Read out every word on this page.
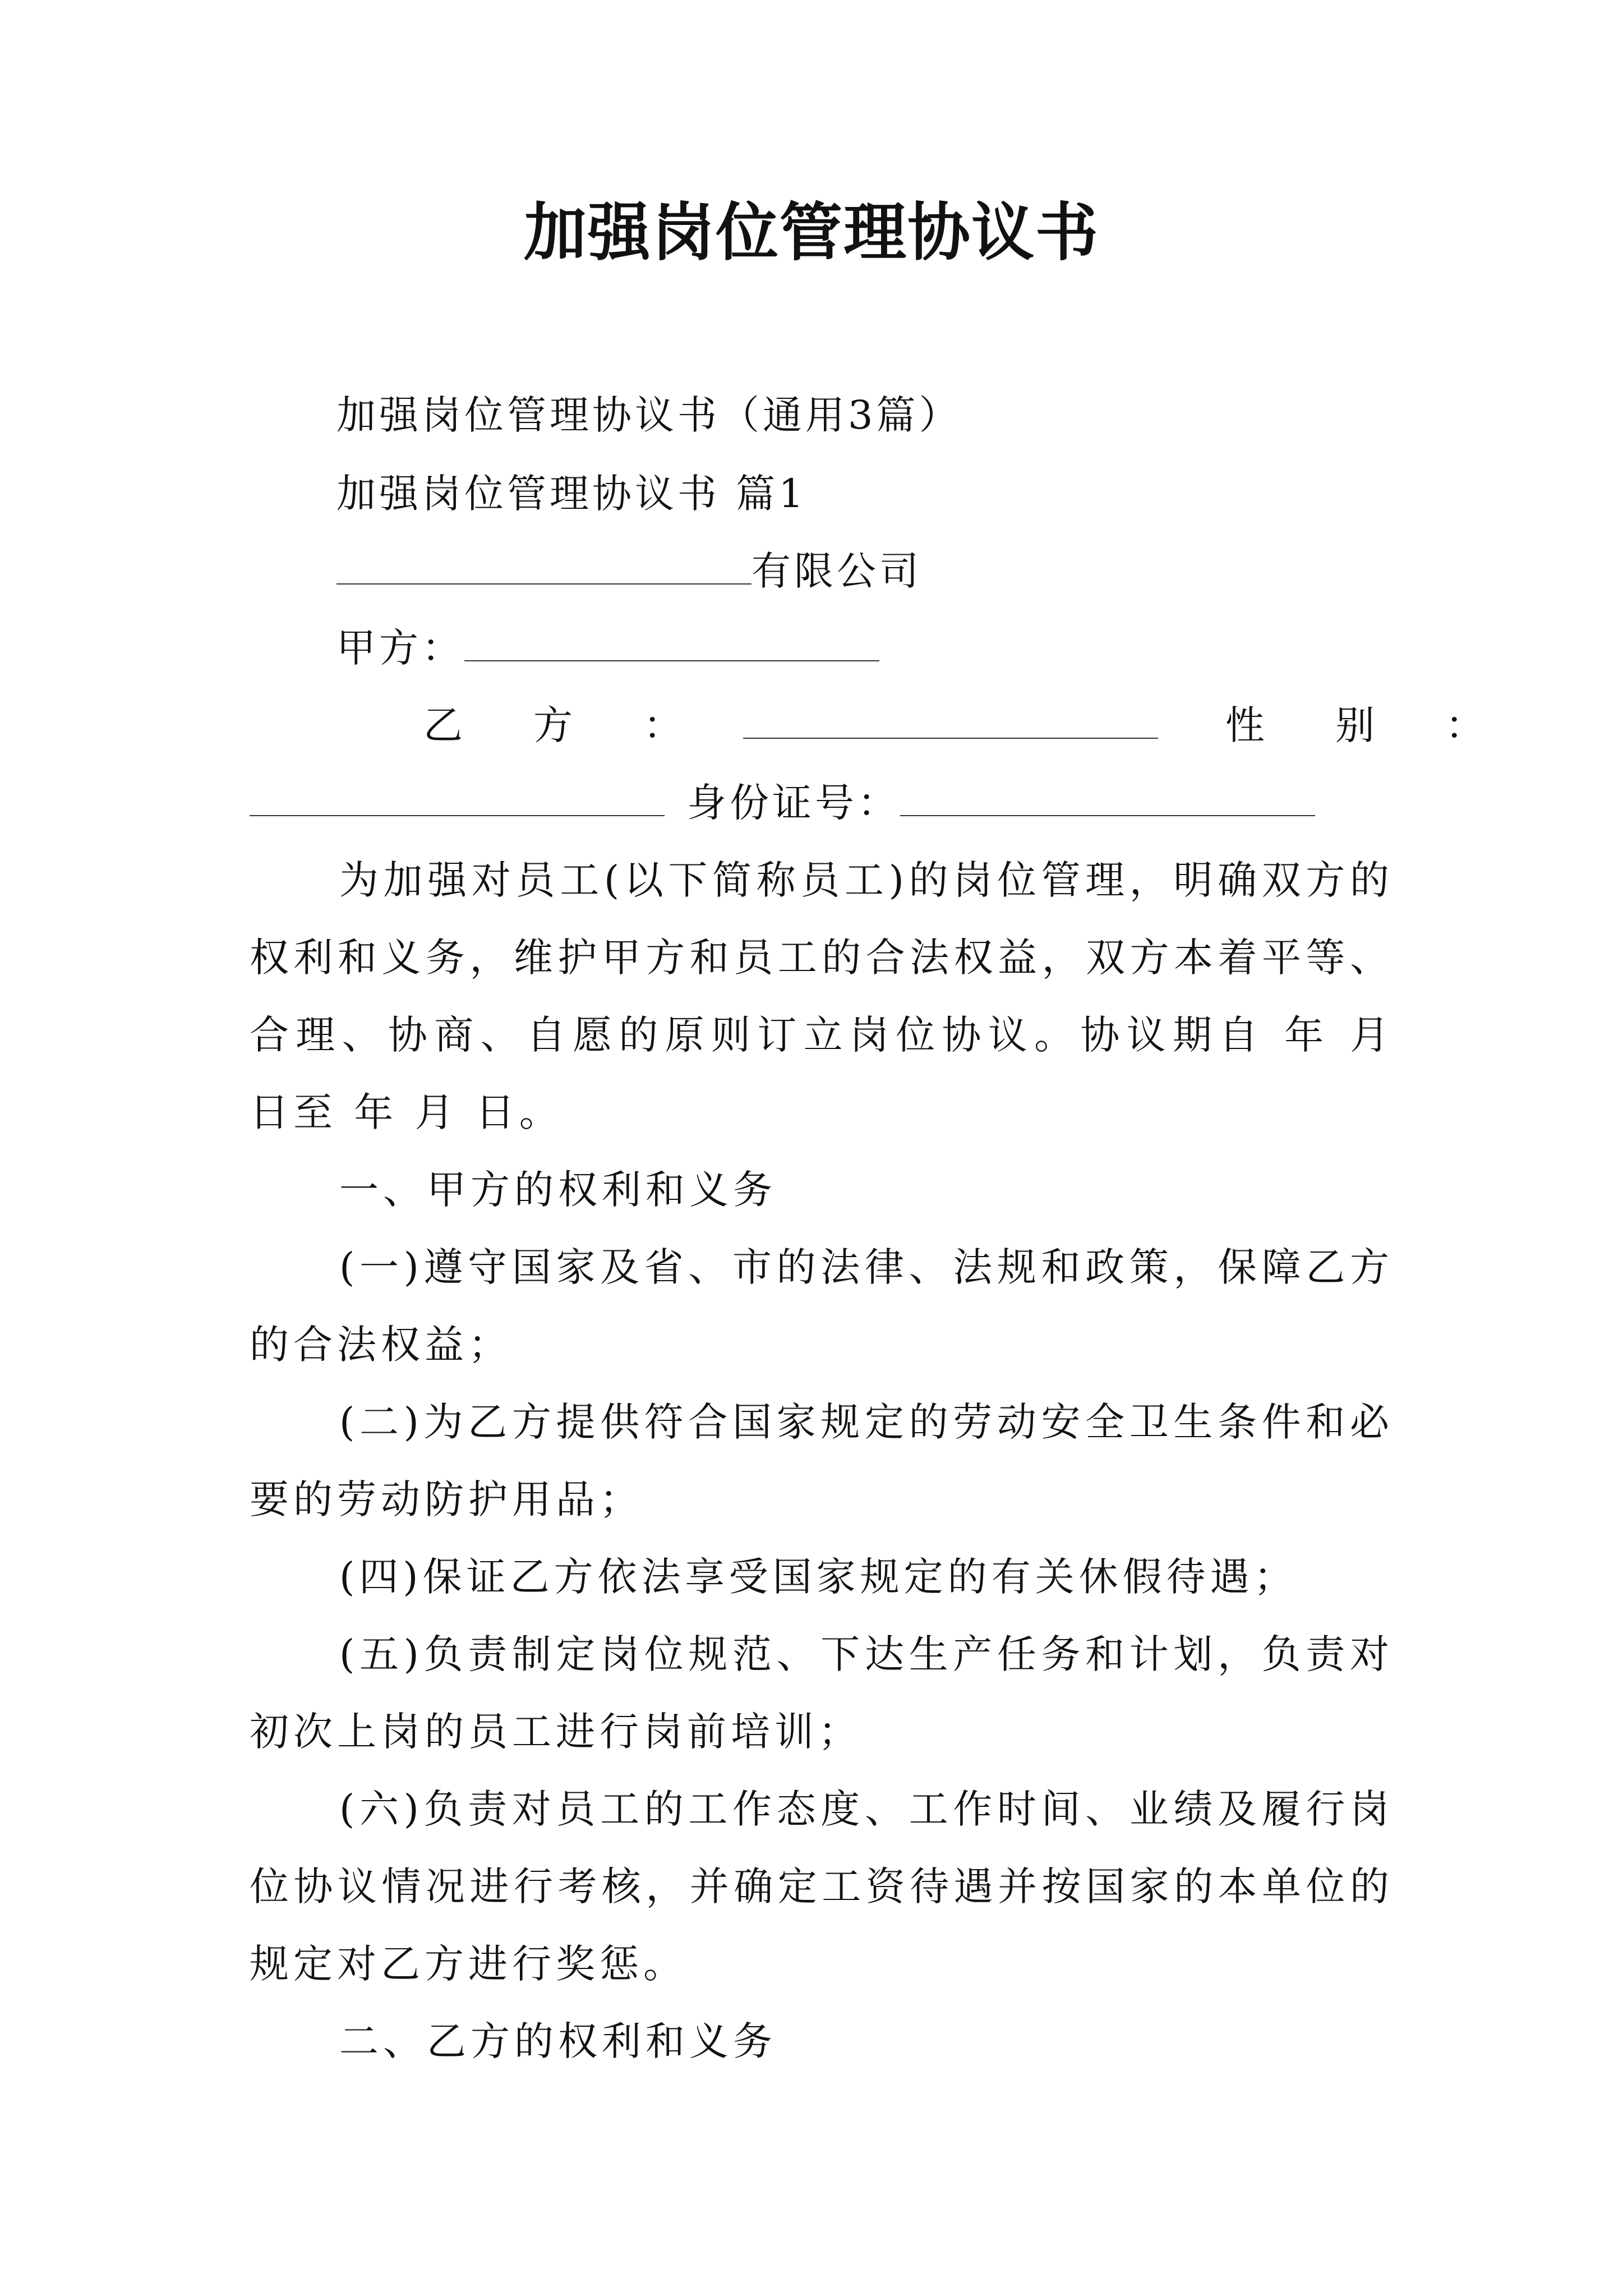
加强岗位管理协议书
加强岗位管理协议书（通用3篇）
加强岗位管理协议书 篇1
有限公司
甲方：
乙　方　：	性　别　：
身份证号：
为加强对员工(以下简称员工)的岗位管理，明确双方的权利和义务，维护甲方和员工的合法权益，双方本着平等、合理、协商、自愿的原则订立岗位协议。协议期自 年 月 日至 年 月 日。
一、甲方的权利和义务
(一)遵守国家及省、市的法律、法规和政策，保障乙方的合法权益；
(二)为乙方提供符合国家规定的劳动安全卫生条件和必要的劳动防护用品；
(四)保证乙方依法享受国家规定的有关休假待遇；
(五)负责制定岗位规范、下达生产任务和计划，负责对初次上岗的员工进行岗前培训；
(六)负责对员工的工作态度、工作时间、业绩及履行岗位协议情况进行考核，并确定工资待遇并按国家的本单位的规定对乙方进行奖惩。
二、乙方的权利和义务
